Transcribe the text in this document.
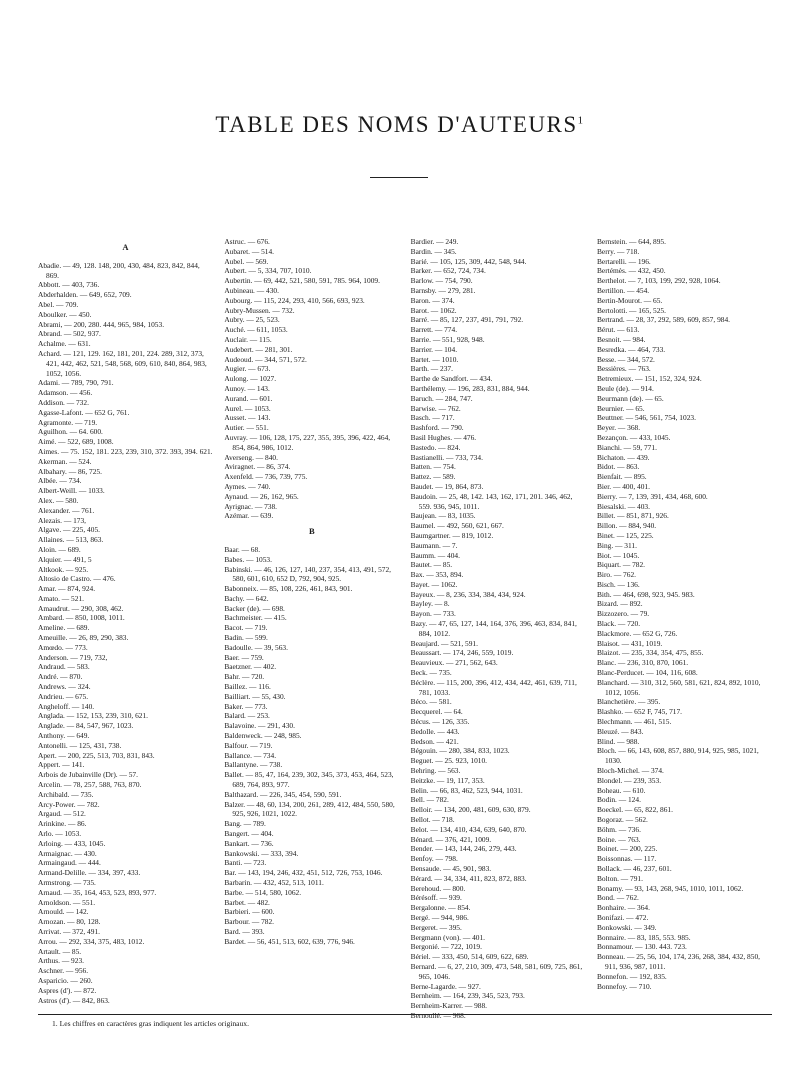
TABLE DES NOMS D'AUTEURS$^1$

A

Abadie. — 49, 128. 148, 200, 430, 484, 823, 842, 844, 869.

Abbott. — 403, 736.

Abderhalden. — 649, 652, 709.

Abel. — 709.

Aboulker. — 450.

Abrami, — 200, 280. 444, 965, 984, 1053.

Abrand. — 502, 937.

Achalme. — 631.

Achard. — 121, 129. 162, 181, 201, 224. 289, 312, 373, 421, 442, 462, 521, 548, 568, 609, 610, 840, 864, 983, 1052, 1056.

Adami. — 789, 790, 791.

Adamson. — 456.

Addison. — 732.

Agasse-Lafont. — 652 G, 761.

Agramonte. — 719.

Aguilhon. — 64. 600.

Aimé. — 522, 689, 1008.

Aimes. — 75. 152, 181. 223, 239, 310, 372. 393, 394. 621.

Akerman. — 524.

Albahary. — 86, 725.

Albée. — 734.

Albert-Weill. — 1033.

Alex. — 580.

Alexander. — 761.

Alezais. — 173,

Algave. — 225, 405.

Allaines. — 513, 863.

Aloin. — 689.

Alquier. — 491, 5

Altkook. — 925.

Altosio de Castro. — 476.

Amar. — 874, 924.

Amato. — 521.

Amaudrut. — 290, 308, 462.

Ambard. — 850, 1008, 1011.

Ameline. — 689.

Ameuille. — 26, 89, 290, 383.

Amœdo. — 773.

Anderson. — 719, 732,

Andraud. — 583.

André. — 870.

Andrews. — 324.

Andrieu. — 675.

Angheloff. — 140.

Anglada. — 152, 153, 239, 310, 621.

Anglade. — 84, 547, 967, 1023.

Anthony. — 649.

Antonelli. — 125, 431, 738.

Apert. — 200, 225, 513, 703, 831, 843.

Appert. — 141.

Arbois de Jubainville (Dr). — 57.

Arcelin. — 78, 257, 588, 763, 870.

Archibald. — 735.

Arcy-Power. — 782.

Argaud. — 512.

Arinkine. — 86.

Arlo. — 1053.

Arloing. — 433, 1045.

Armaignac. — 430.

Armaingaud. — 444.

Armand-Delille. — 334, 397, 433.

Armstrong. — 735.

Arnaud. — 35, 164, 453, 523, 893, 977.

Arnoldson. — 551.

Arnould. — 142.

Arnozan. — 80, 128.

Arrivat. — 372, 491.

Arrou. — 292, 334, 375, 483, 1012.

Artault. — 85.

Arthus. — 923.

Aschner. — 956.

Asparicio. — 260.

Aspres (d'). — 872.

Astros (d'). — 842, 863.

Astruc. — 676.

Aubaret. — 514.

Aubel. — 569.

Aubert. — 5, 334, 707, 1010.

Aubertin. — 69, 442, 521, 580, 591, 785. 964, 1009.

Aubineau. — 430.

Aubourg. — 115, 224, 293, 410, 566, 693, 923.

Aubry-Mussen. — 732.

Aubry. — 25, 523.

Auché. — 611, 1053.

Auclair. — 115.

Audebert. — 281, 301.

Audeoud. — 344, 571, 572.

Augier. — 673.

Aulong. — 1027.

Aunoy. — 143.

Aurand. — 601.

Aurel. — 1053.

Ausset. — 143.

Autier. — 551.

Auvray. — 106, 128, 175, 227, 355, 395, 396, 422, 464, 854, 864, 986, 1012.

Averseng. — 840.

Aviragnet. — 86, 374.

Axenfeld. — 736, 739, 775.

Aymes. — 740.

Aynaud. — 26, 162, 965.

Ayrignac. — 738.

Azémar. — 639.

B

Baar. — 68.

Babes. — 1053.

Babinski. — 46, 126, 127, 140, 237, 354, 413, 491, 572, 580, 601, 610, 652 D, 792, 904, 925.

Babonneix. — 85, 108, 226, 461, 843, 901.

Bachy. — 642.

Backer (de). — 698.

Bachmeister. — 415.

Bacot. — 719.

Badin. — 599.

Badoulle. — 39, 563.

Baer. — 759.

Baetzner. — 402.

Bahr. — 720.

Baillez. — 116.

Bailliart. — 55, 430.

Baker. — 773.

Balard. — 253.

Balavoine. — 291, 430.

Baldenweck. — 248, 985.

Balfour. — 719.

Ballance. — 734.

Ballantyne. — 738.

Ballet. — 85, 47, 164, 239, 302, 345, 373, 453, 464, 523, 689, 764, 893, 977.

Balthazard. — 226, 345, 454, 590, 591.

Balzer. — 48, 60, 134, 200, 261, 289, 412, 484, 550, 580, 925, 926, 1021, 1022.

Bang. — 789.

Bangert. — 404.

Bankart. — 736.

Bankowski. — 333, 394.

Banti. — 723.

Bar. — 143, 194, 246, 432, 451, 512, 726, 753, 1046.

Barbarin. — 432, 452, 513, 1011.

Barbe. — 514, 580, 1062.

Barbet. — 482.

Barbieri. — 600.

Barbour. — 782.

Bard. — 393.

Bardet. — 56, 451, 513, 602, 639, 776, 946.

Bardier. — 249.

Bardin. — 345.

Barié. — 105, 125, 309, 442, 548, 944.

Barker. — 652, 724, 734.

Barlow. — 754, 790.

Barnsby. — 279, 281.

Baron. — 374.

Barot. — 1062.

Barré. — 85, 127, 237, 491, 791, 792.

Barrett. — 774.

Barrie. — 551, 928, 948.

Barrier. — 104.

Bartet. — 1010.

Barth. — 237.

Barthe de Sandfort. — 434.

Barthélemy. — 196, 283, 831, 884, 944.

Baruch. — 284, 747.

Barwise. — 762.

Basch. — 717.

Bashford. — 790.

Basil Hughes. — 476.

Bastedo. — 824.

Bastianelli. — 733, 734.

Batten. — 754.

Battez. — 589.

Baudet. — 19, 864, 873.

Baudoin. — 25, 48, 142. 143, 162, 171, 201. 346, 462, 559. 936, 945, 1011.

Baujean. — 83, 1035.

Baumel. — 492, 560, 621, 667.

Baumgartner. — 819, 1012.

Baumann. — 7.

Baumm. — 404.

Bautet. — 85.

Bax. — 353, 894.

Bayet. — 1062.

Bayeux. — 8, 236, 334, 384, 434, 924.

Bayley. — 8.

Bayon. — 733.

Bazy. — 47, 65, 127, 144, 164, 376, 396, 463, 834, 841, 884, 1012.

Beaujard. — 521, 591.

Beaussart. — 174, 246, 559, 1019.

Beauvieux. — 271, 562, 643.

Beck. — 735.

Béclère. — 115, 200, 396, 412, 434, 442, 461, 639, 711, 781, 1033.

Béco. — 581.

Becquerel. — 64.

Bécus. — 126, 335.

Bedolle. — 443.

Bedson. — 421.

Bégouin. — 280, 384, 833, 1023.

Beguet. — 25. 923, 1010.

Behring. — 563.

Beitzke. — 19, 117, 353.

Belin. — 66, 83, 462, 523, 944, 1031.

Bell. — 782.

Belloir. — 134, 200, 481, 609, 630, 879.

Bellot. — 718.

Belot. — 134, 410, 434, 639, 640, 870.

Bénard. — 376, 421, 1009.

Bender. — 143, 144, 246, 279, 443.

Benfoy. — 798.

Bensaude. — 45, 901, 983.

Bérard. — 34, 334, 411, 823, 872, 883.

Berehoud. — 800.

Bérésoff. — 939.

Bergalonne. — 854.

Bergé. — 944, 986.

Bergeret. — 395.

Bergmann (von). — 401.

Bergonié. — 722, 1019.

Bériel. — 333, 450, 514, 609, 622, 689.

Bernard. — 6, 27, 210, 309, 473, 548, 581, 609, 725, 861, 965, 1046.

Berne-Lagarde. — 927.

Bernheim. — 164, 239, 345, 523, 793.

Bernheim-Karrer. — 988.

Bernoullé. — 968.

Bernstein. — 644, 895.

Berry. — 718.

Bertarelli. — 196.

Bertémès. — 432, 450.

Berthelot. — 7, 103, 199, 292, 928, 1064.

Bertillon. — 454.

Bertin-Mourot. — 65.

Bertolotti. — 165, 525.

Bertrand. — 28, 37, 292, 589, 609, 857, 984.

Bérut. — 613.

Besnoit. — 984.

Besredka. — 464, 733.

Besse. — 344, 572.

Bessières. — 763.

Betremieux. — 151, 152, 324, 924.

Beule (de). — 914.

Beurmann (de). — 65.

Beurnier. — 65.

Beuttner. — 546, 561, 754, 1023.

Beyer. — 368.

Bezançon. — 433, 1045.

Bianchi. — 59, 771.

Bichaton. — 439.

Bidot. — 863.

Bienfait. — 895.

Bier. — 400, 401.

Bierry. — 7, 139, 391, 434, 468, 600.

Biesalski. — 403.

Billet. — 851, 871, 926.

Billon. — 884, 940.

Binet. — 125, 225.

Bing. — 311.

Biot. — 1045.

Biquart. — 782.

Biro. — 762.

Bisch. — 136.

Bith. — 464, 698, 923, 945. 983.

Bizard. — 892.

Bizzozero. — 79.

Black. — 720.

Blackmore. — 652 G, 726.

Blaisot. — 431, 1019.

Blaizot. — 235, 334, 354, 475, 855.

Blanc. — 236, 310, 870, 1061.

Blanc-Perducet. — 104, 116, 608.

Blanchard. — 310, 312, 560, 581, 621, 824, 892, 1010, 1012, 1056.

Blanchetière. — 395.

Blashko. — 652 F, 745, 717.

Blechmann. — 461, 515.

Bleuzé. — 843.

Blind. — 988.

Bloch. — 66, 143, 608, 857, 880, 914, 925, 985, 1021, 1030.

Bloch-Michel. — 374.

Blondel. — 239, 353.

Boheau. — 610.

Bodin. — 124.

Boeckel. — 65, 822, 861.

Bogoraz. — 562.

Böhm. — 736.

Boine. — 763.

Boinet. — 200, 225.

Boissonnas. — 117.

Bollack. — 46, 237, 601.

Bolton. — 791.

Bonamy. — 93, 143, 268, 945, 1010, 1011, 1062.

Bond. — 762.

Bonhaire. — 364.

Bonifazi. — 472.

Bonkowski. — 349.

Bonnaire. — 83, 185, 553. 985.

Bonnamour. — 130. 443. 723.

Bonneau. — 25, 56, 104, 174, 236, 268, 384, 432, 850, 911, 936, 987, 1011.

Bonnefon. — 192, 835.

Bonnefoy. — 710.

1. Les chiffres en caractères gras indiquent les articles originaux.
